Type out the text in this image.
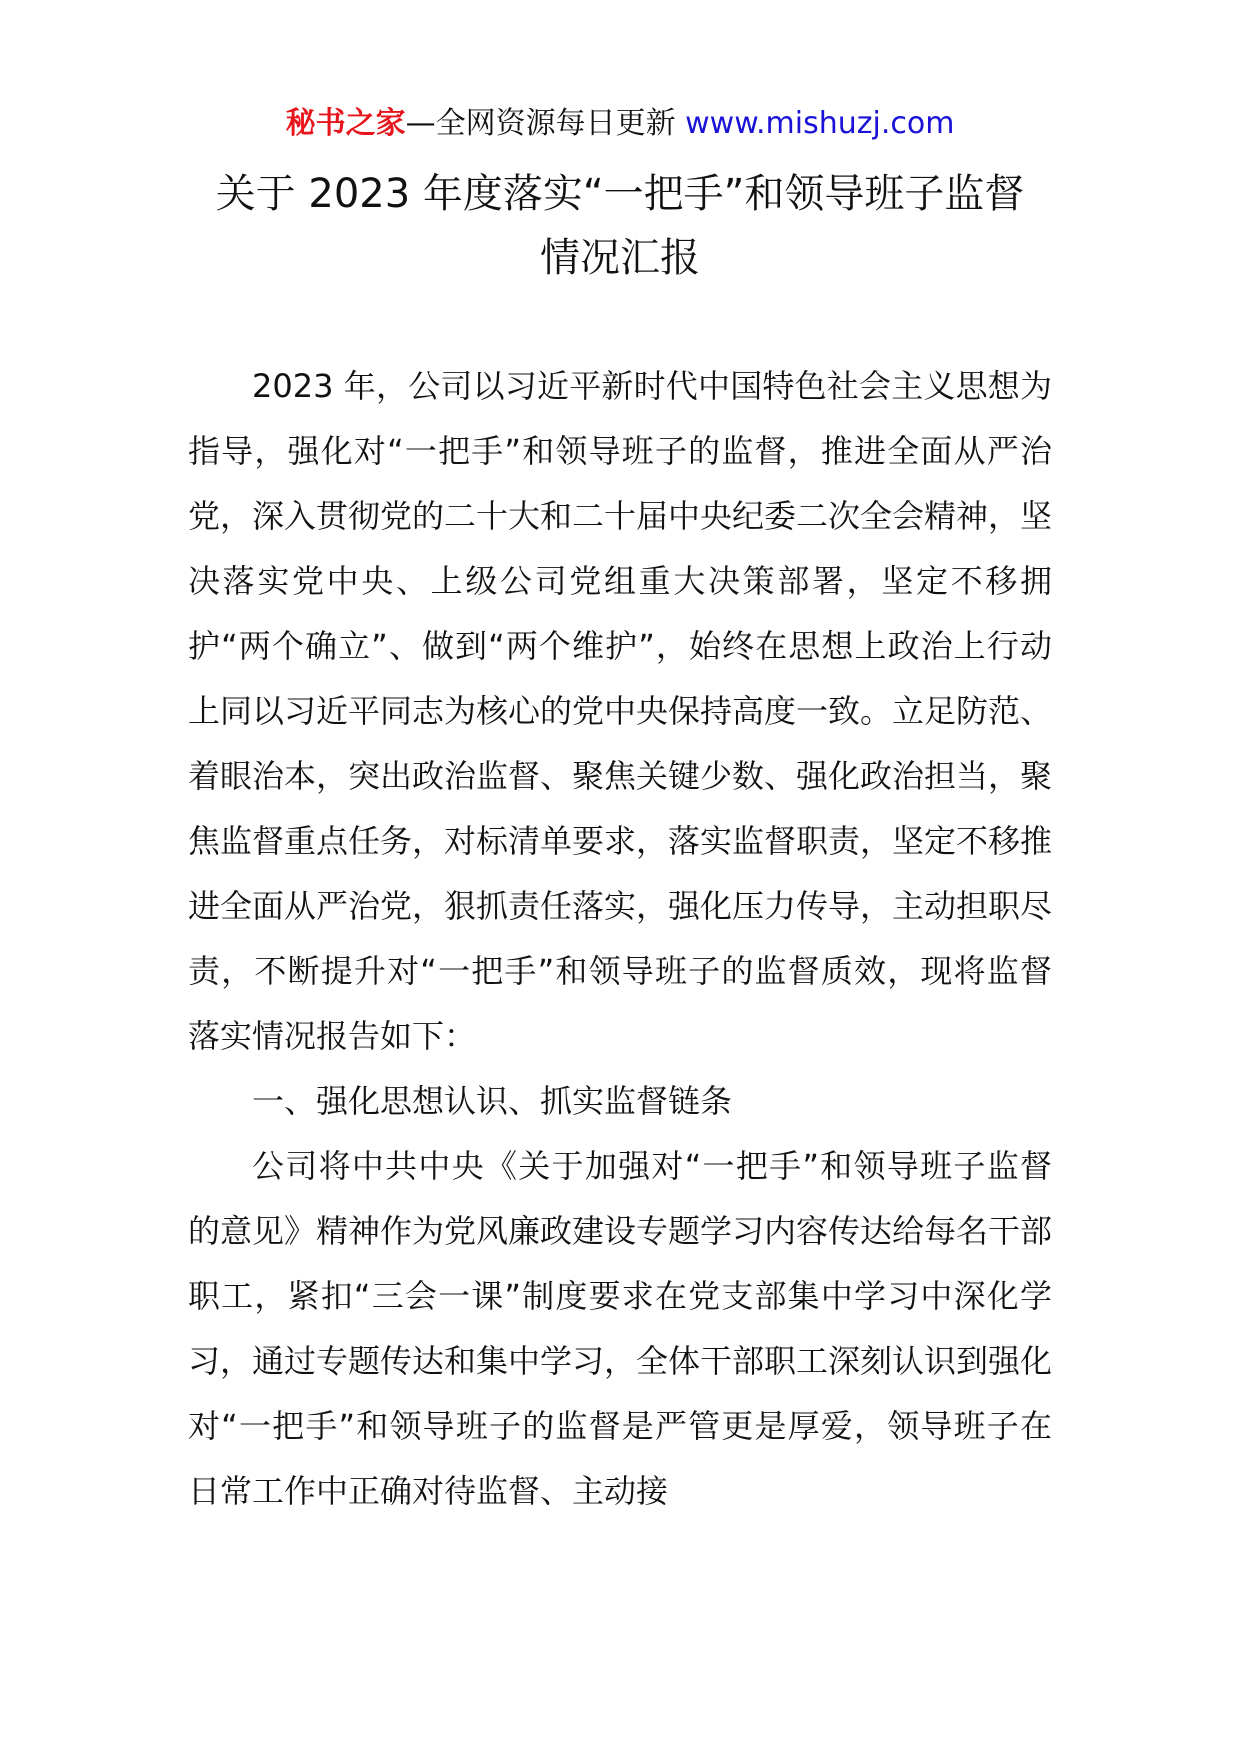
秘书之家—全网资源每日更新 www.mishuzj.com
关于 2023 年度落实“一把手”和领导班子监督
情况汇报

2023 年，公司以习近平新时代中国特色社会主义思想为指导，强化对“一把手”和领导班子的监督，推进全面从严治党，深入贯彻党的二十大和二十届中央纪委二次全会精神，坚决落实党中央、上级公司党组重大决策部署，坚定不移拥护“两个确立”、做到“两个维护”，始终在思想上政治上行动上同以习近平同志为核心的党中央保持高度一致。立足防范、着眼治本，突出政治监督、聚焦关键少数、强化政治担当，聚焦监督重点任务，对标清单要求，落实监督职责，坚定不移推进全面从严治党，狠抓责任落实，强化压力传导，主动担职尽责，不断提升对“一把手”和领导班子的监督质效，现将监督落实情况报告如下：

一、强化思想认识、抓实监督链条

公司将中共中央《关于加强对“一把手”和领导班子监督的意见》精神作为党风廉政建设专题学习内容传达给每名干部职工，紧扣“三会一课”制度要求在党支部集中学习中深化学习，通过专题传达和集中学习，全体干部职工深刻认识到强化对“一把手”和领导班子的监督是严管更是厚爱，领导班子在日常工作中正确对待监督、主动接
